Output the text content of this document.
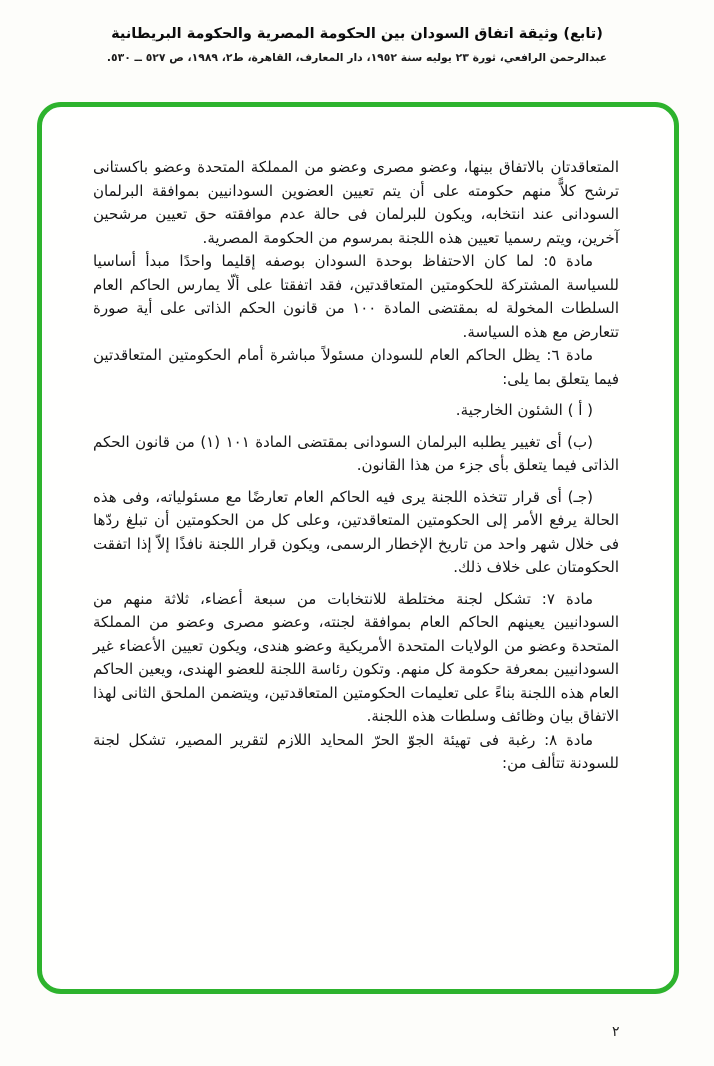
(تابع) وثيقة اتفاق السودان بين الحكومة المصرية والحكومة البريطانية
عبدالرحمن الرافعي، ثورة ٢٣ يوليه سنة ١٩٥٢، دار المعارف، القاهرة، ط٢، ١٩٨٩، ص ٥٢٧ ــ ٥٣٠.

المتعاقدتان بالاتفاق بينها، وعضو مصرى وعضو من المملكة المتحدة وعضو باكستانى ترشح كلاًّ منهم حكومته على أن يتم تعيين العضوين السودانيين بموافقة البرلمان السودانى عند انتخابه، ويكون للبرلمان فى حالة عدم موافقته حق تعيين مرشحين آخرين، ويتم رسميا تعيين هذه اللجنة بمرسوم من الحكومة المصرية.

مادة ٥: لما كان الاحتفاظ بوحدة السودان بوصفه إقليما واحدًا مبدأ أساسيا للسياسة المشتركة للحكومتين المتعاقدتين، فقد اتفقتا على ألّا يمارس الحاكم العام السلطات المخولة له بمقتضى المادة ١٠٠ من قانون الحكم الذاتى على أية صورة تتعارض مع هذه السياسة.

مادة ٦: يظل الحاكم العام للسودان مسئولاً مباشرة أمام الحكومتين المتعاقدتين فيما يتعلق بما يلى:

( أ ) الشئون الخارجية.

(ب) أى تغيير يطلبه البرلمان السودانى بمقتضى المادة ١٠١ (١) من قانون الحكم الذاتى فيما يتعلق بأى جزء من هذا القانون.

(جـ) أى قرار تتخذه اللجنة يرى فيه الحاكم العام تعارضًا مع مسئولياته، وفى هذه الحالة يرفع الأمر إلى الحكومتين المتعاقدتين، وعلى كل من الحكومتين أن تبلغ ردّها فى خلال شهر واحد من تاريخ الإخطار الرسمى، ويكون قرار اللجنة نافذًا إلاّ إذا اتفقت الحكومتان على خلاف ذلك.

مادة ٧: تشكل لجنة مختلطة للانتخابات من سبعة أعضاء، ثلاثة منهم من السودانيين يعينهم الحاكم العام بموافقة لجنته، وعضو مصرى وعضو من المملكة المتحدة وعضو من الولايات المتحدة الأمريكية وعضو هندى، ويكون تعيين الأعضاء غير السودانيين بمعرفة حكومة كل منهم. وتكون رئاسة اللجنة للعضو الهندى، ويعين الحاكم العام هذه اللجنة بناءً على تعليمات الحكومتين المتعاقدتين، ويتضمن الملحق الثانى لهذا الاتفاق بيان وظائف وسلطات هذه اللجنة.

مادة ٨: رغبة فى تهيئة الجوّ الحرّ المحايد اللازم لتقرير المصير، تشكل لجنة للسودنة تتألف من:

٢
